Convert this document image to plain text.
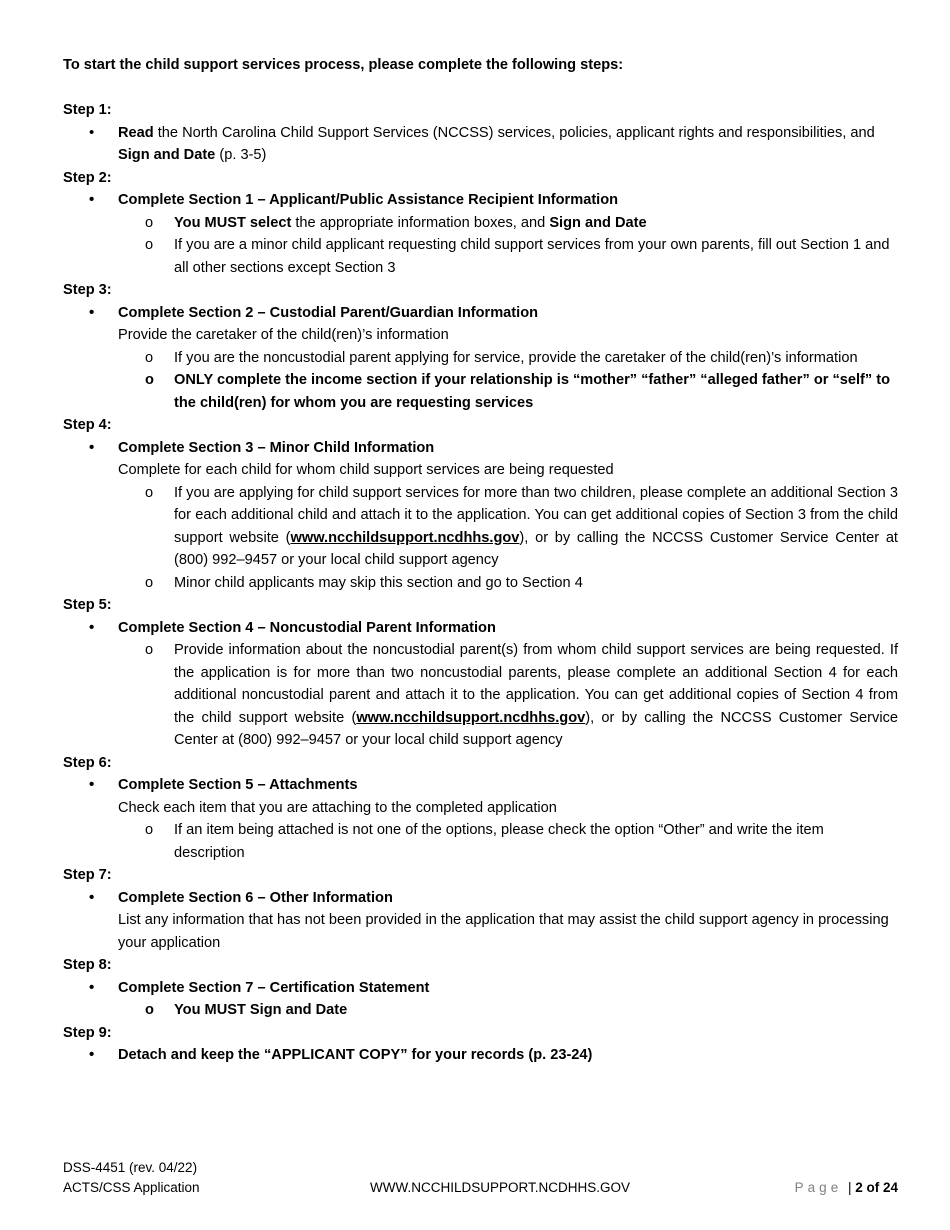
To start the child support services process, please complete the following steps:
Step 1:
• Read the North Carolina Child Support Services (NCCSS) services, policies, applicant rights and responsibilities, and Sign and Date (p. 3-5)
Step 2:
• Complete Section 1 – Applicant/Public Assistance Recipient Information
o You MUST select the appropriate information boxes, and Sign and Date
o If you are a minor child applicant requesting child support services from your own parents, fill out Section 1 and all other sections except Section 3
Step 3:
• Complete Section 2 – Custodial Parent/Guardian Information
Provide the caretaker of the child(ren)’s information
o If you are the noncustodial parent applying for service, provide the caretaker of the child(ren)’s information
o ONLY complete the income section if your relationship is “mother” “father” “alleged father” or “self” to the child(ren) for whom you are requesting services
Step 4:
• Complete Section 3 – Minor Child Information
Complete for each child for whom child support services are being requested
o If you are applying for child support services for more than two children, please complete an additional Section 3 for each additional child and attach it to the application. You can get additional copies of Section 3 from the child support website (www.ncchildsupport.ncdhhs.gov), or by calling the NCCSS Customer Service Center at (800) 992–9457 or your local child support agency
o Minor child applicants may skip this section and go to Section 4
Step 5:
• Complete Section 4 – Noncustodial Parent Information
o Provide information about the noncustodial parent(s) from whom child support services are being requested. If the application is for more than two noncustodial parents, please complete an additional Section 4 for each additional noncustodial parent and attach it to the application. You can get additional copies of Section 4 from the child support website (www.ncchildsupport.ncdhhs.gov), or by calling the NCCSS Customer Service Center at (800) 992–9457 or your local child support agency
Step 6:
• Complete Section 5 – Attachments
Check each item that you are attaching to the completed application
o If an item being attached is not one of the options, please check the option “Other” and write the item description
Step 7:
• Complete Section 6 – Other Information
List any information that has not been provided in the application that may assist the child support agency in processing your application
Step 8:
• Complete Section 7 – Certification Statement
o You MUST Sign and Date
Step 9:
• Detach and keep the “APPLICANT COPY” for your records (p. 23-24)
DSS-4451 (rev. 04/22)
ACTS/CSS Application	WWW.NCCHILDSUPPORT.NCDHHS.GOV	Page | 2 of 24
